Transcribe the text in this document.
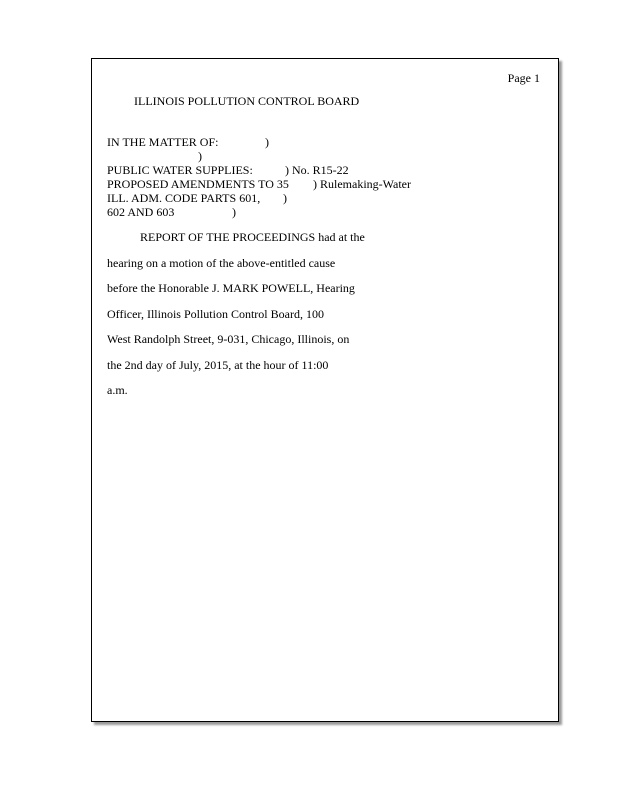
Page 1
ILLINOIS POLLUTION CONTROL BOARD
IN THE MATTER OF:	)
)
PUBLIC WATER SUPPLIES:	) No. R15-22
PROPOSED AMENDMENTS TO 35 ) Rulemaking-Water
ILL. ADM. CODE PARTS 601, )
602 AND 603	)
REPORT OF THE PROCEEDINGS had at the
hearing on a motion of the above-entitled cause
before the Honorable J. MARK POWELL, Hearing
Officer, Illinois Pollution Control Board, 100
West Randolph Street, 9-031, Chicago, Illinois, on
the 2nd day of July, 2015, at the hour of 11:00
a.m.
